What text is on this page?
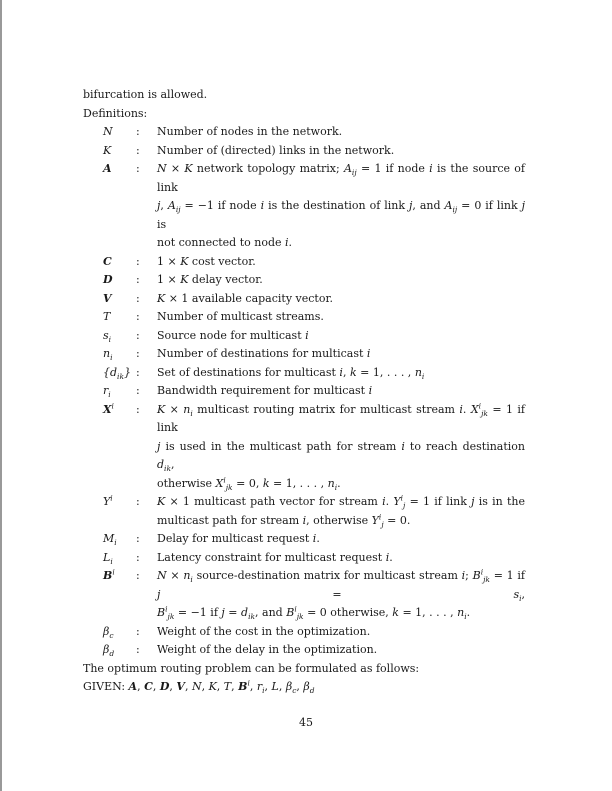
bifurcation is allowed.
Definitions:
N	:	Number of nodes in the network.
K	:	Number of (directed) links in the network.
A	:	N × K network topology matrix; $A_{ij} = 1$ if node i is the source of link
j, $A_{ij} = -1$ if node i is the destination of link j, and $A_{ij} = 0$ if link j is
not connected to node i.
C	:	1 × K cost vector.
D	:	1 × K delay vector.
V	:	K × 1 available capacity vector.
T	:	Number of multicast streams.
$s_i$	:	Source node for multicast i
$n_i$	:	Number of destinations for multicast i
$\{d_{ik}\}$ :	Set of destinations for multicast i, k = 1, . . . , $n_i$
$r_i$	:	Bandwidth requirement for multicast i
$X^i$	:	$K \times n_i$ multicast routing matrix for multicast stream i. $X^i_{jk} = 1$ if link
j is used in the multicast path for stream i to reach destination $d_{ik}$,
otherwise $X^i_{jk} = 0$, k = 1, . . . , $n_i$.
$Y^i$	:	K × 1 multicast path vector for stream i. $Y^i_j = 1$ if link j is in the
multicast path for stream i, otherwise $Y^i_j = 0$.
$M_i$	:	Delay for multicast request i.
$L_i$	:	Latency constraint for multicast request i.
$B^i$	:	$N \times n_i$ source-destination matrix for multicast stream i; $B^i_{jk} = 1$ if $j = s_i$,
$B^i_{jk} = -1$ if $j = d_{ik}$, and $B^i_{jk} = 0$ otherwise, k = 1, . . . , $n_i$.
$\beta_c$	:	Weight of the cost in the optimization.
$\beta_d$	:	Weight of the delay in the optimization.
The optimum routing problem can be formulated as follows:
GIVEN: A, C, D, V, N, K, T, $B^i$, $r_i$, L, $\beta_c$, $\beta_d$
45
